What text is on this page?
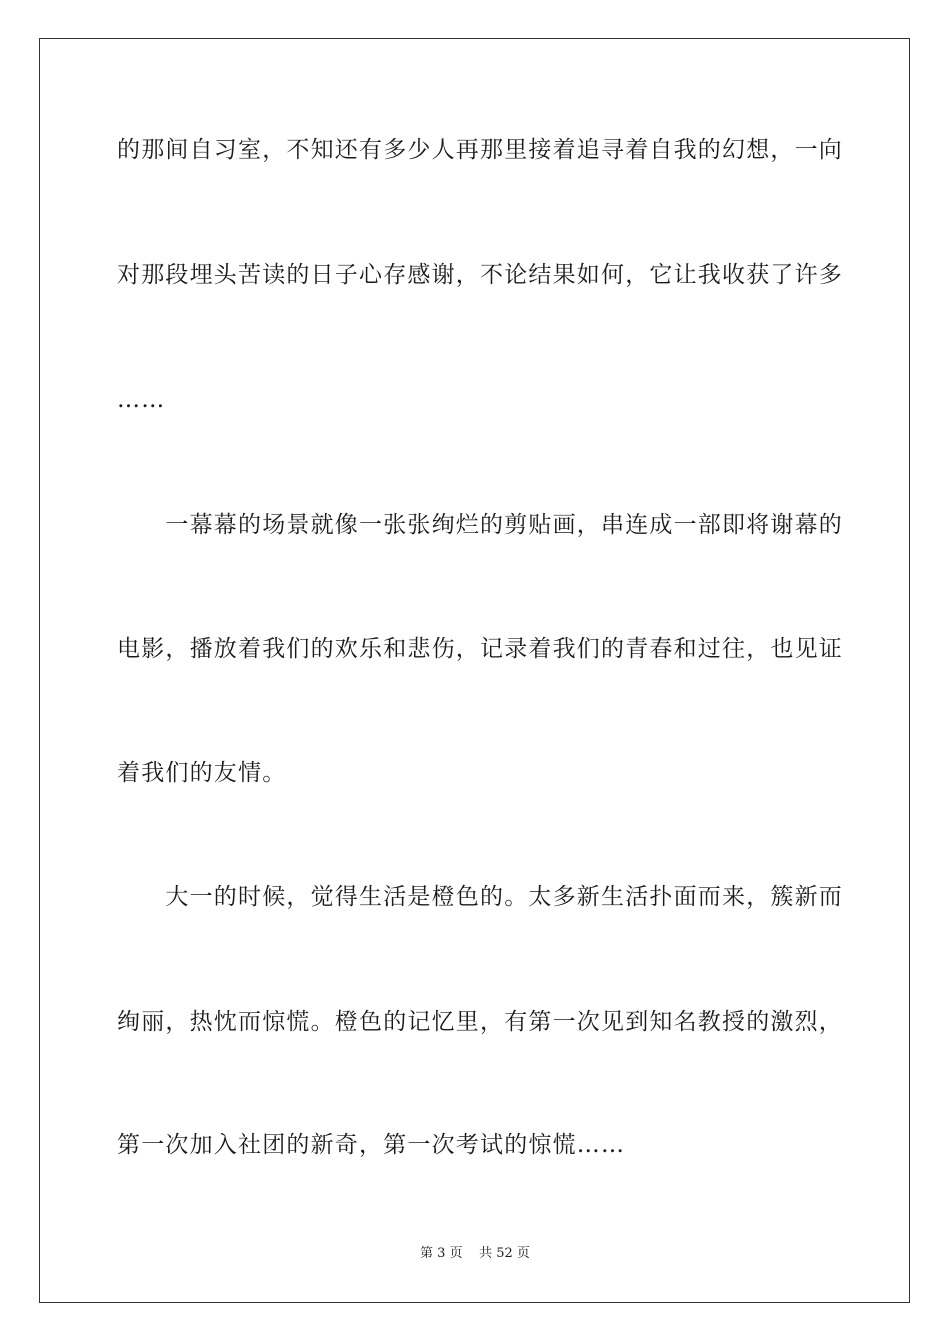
的那间自习室，不知还有多少人再那里接着追寻着自我的幻想，一向
对那段埋头苦读的日子心存感谢，不论结果如何，它让我收获了许多
……
　　一幕幕的场景就像一张张绚烂的剪贴画，串连成一部即将谢幕的
电影，播放着我们的欢乐和悲伤，记录着我们的青春和过往，也见证
着我们的友情。
　　大一的时候，觉得生活是橙色的。太多新生活扑面而来，簇新而
绚丽，热忱而惊慌。橙色的记忆里，有第一次见到知名教授的激烈，
第一次加入社团的新奇，第一次考试的惊慌……
第 3 页 共 52 页
